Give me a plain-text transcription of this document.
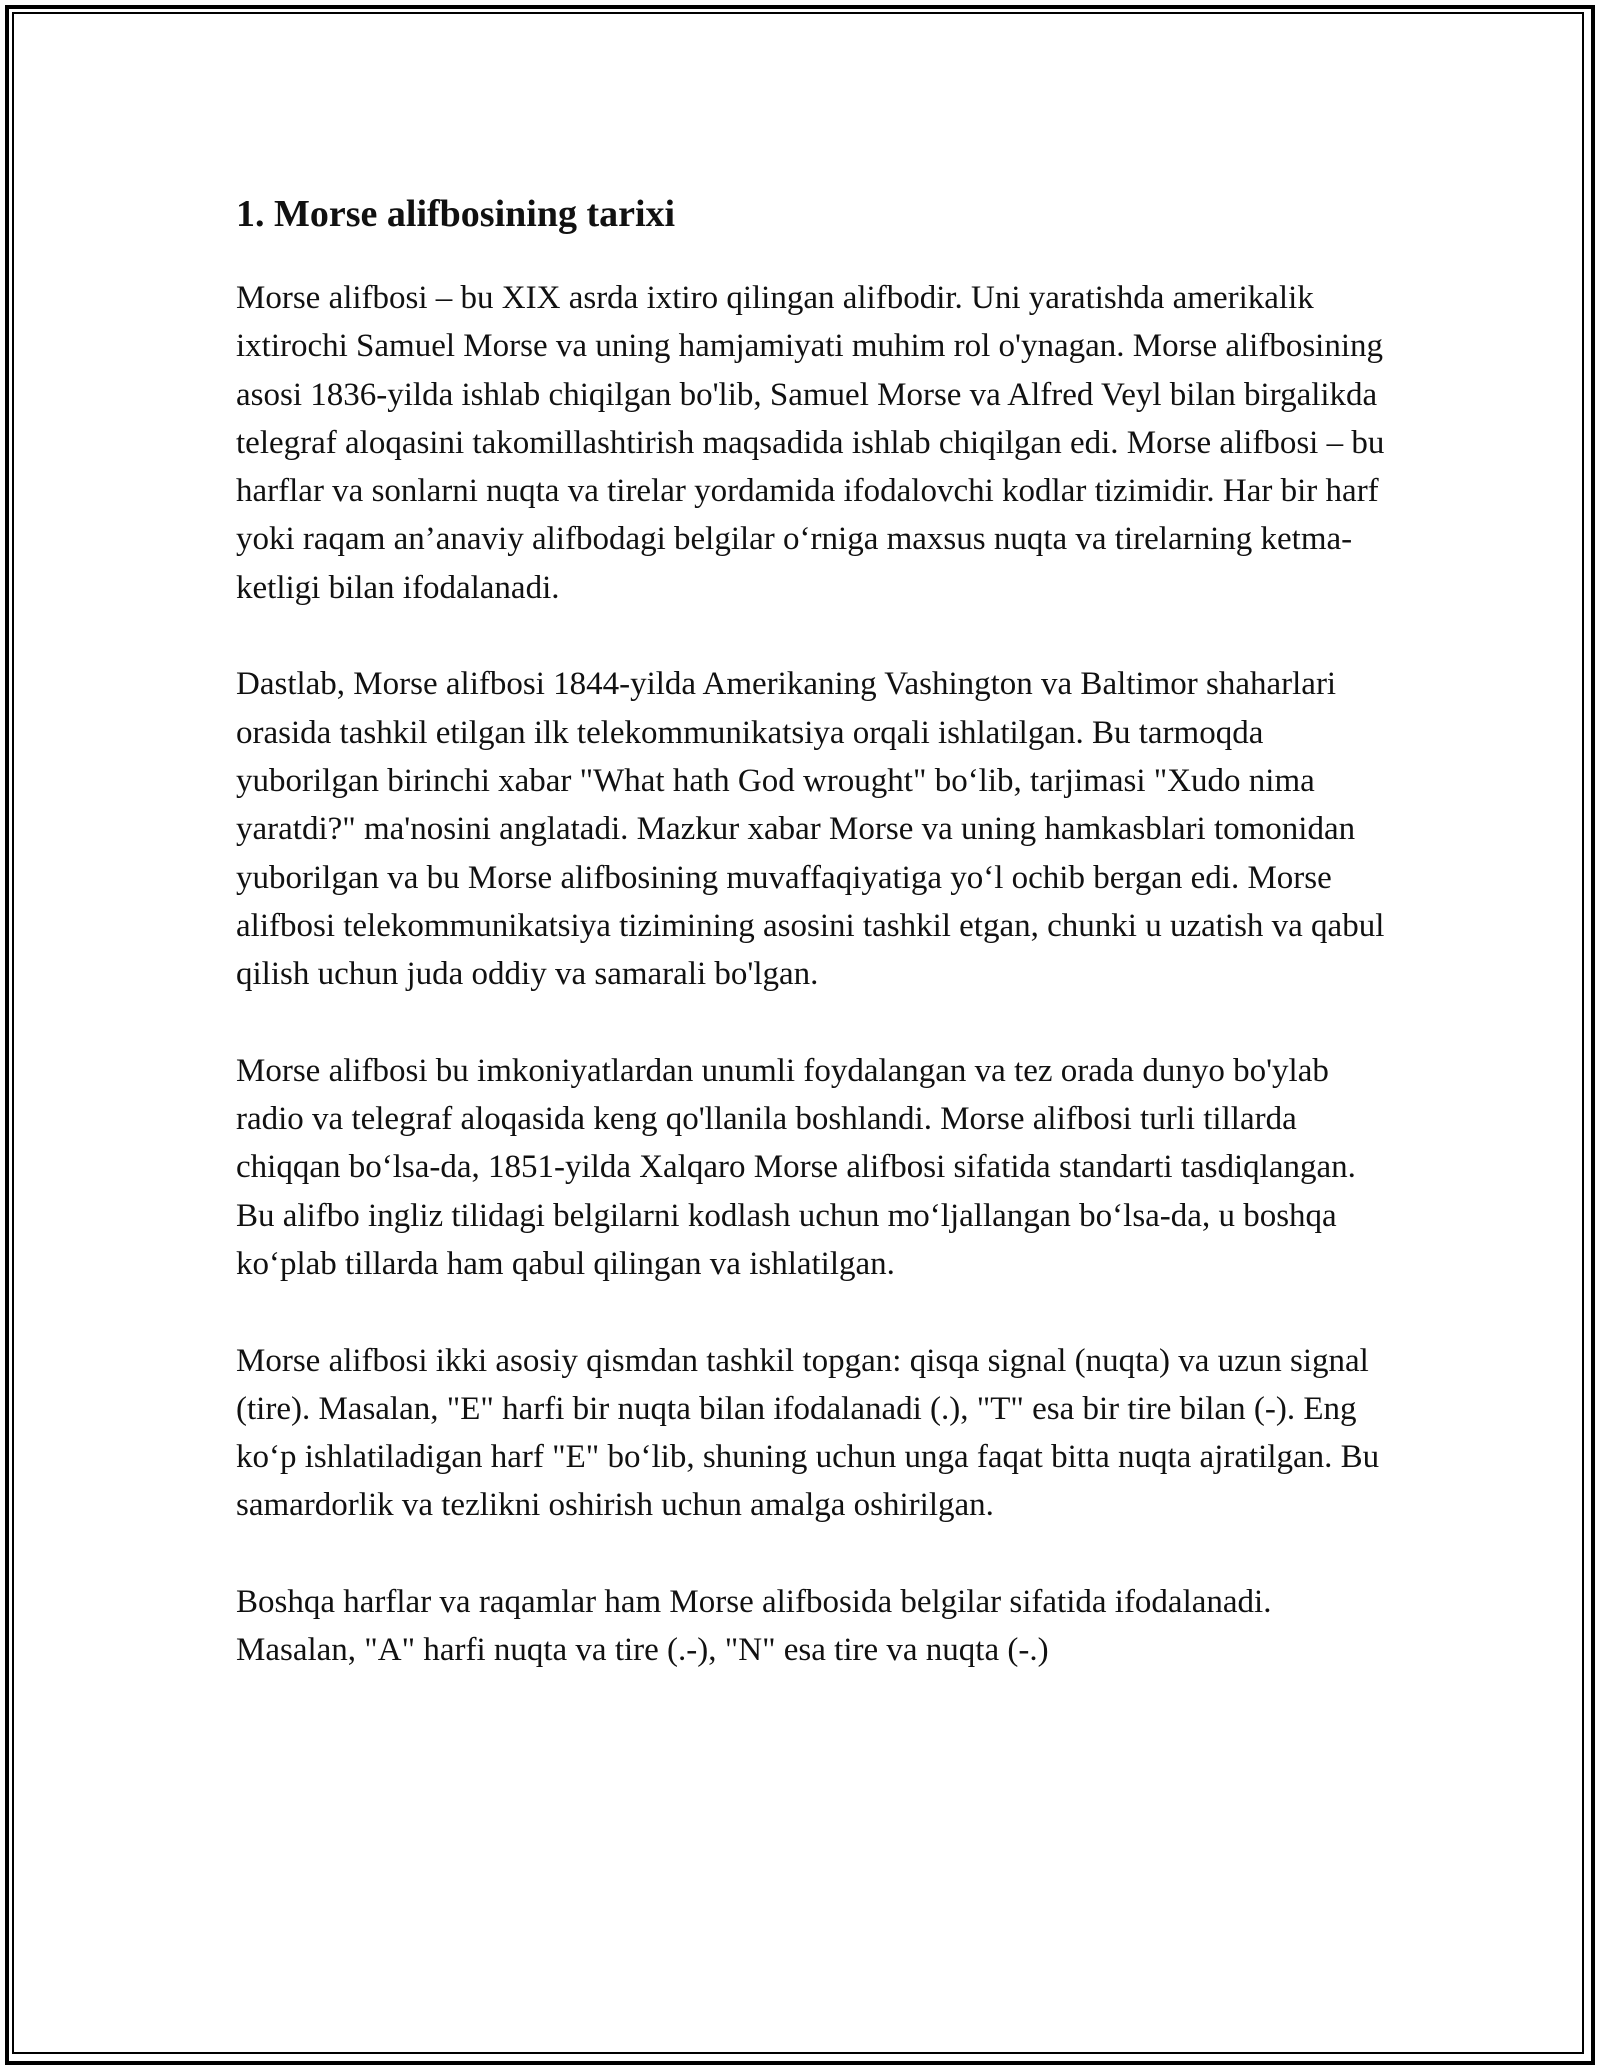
1. Morse alifbosining tarixi

Morse alifbosi – bu XIX asrda ixtiro qilingan alifbodir. Uni yaratishda amerikalik ixtirochi Samuel Morse va uning hamjamiyati muhim rol o'ynagan. Morse alifbosining asosi 1836-yilda ishlab chiqilgan bo'lib, Samuel Morse va Alfred Veyl bilan birgalikda telegraf aloqasini takomillashtirish maqsadida ishlab chiqilgan edi. Morse alifbosi – bu harflar va sonlarni nuqta va tirelar yordamida ifodalovchi kodlar tizimidir. Har bir harf yoki raqam an’anaviy alifbodagi belgilar o‘rniga maxsus nuqta va tirelarning ketma-ketligi bilan ifodalanadi.

Dastlab, Morse alifbosi 1844-yilda Amerikaning Vashington va Baltimor shaharlari orasida tashkil etilgan ilk telekommunikatsiya orqali ishlatilgan. Bu tarmoqda yuborilgan birinchi xabar "What hath God wrought" bo‘lib, tarjimasi "Xudo nima yaratdi?" ma'nosini anglatadi. Mazkur xabar Morse va uning hamkasblari tomonidan yuborilgan va bu Morse alifbosining muvaffaqiyatiga yo‘l ochib bergan edi. Morse alifbosi telekommunikatsiya tizimining asosini tashkil etgan, chunki u uzatish va qabul qilish uchun juda oddiy va samarali bo'lgan.

Morse alifbosi bu imkoniyatlardan unumli foydalangan va tez orada dunyo bo'ylab radio va telegraf aloqasida keng qo'llanila boshlandi. Morse alifbosi turli tillarda chiqqan bo‘lsa-da, 1851-yilda Xalqaro Morse alifbosi sifatida standarti tasdiqlangan. Bu alifbo ingliz tilidagi belgilarni kodlash uchun mo‘ljallangan bo‘lsa-da, u boshqa ko‘plab tillarda ham qabul qilingan va ishlatilgan.

Morse alifbosi ikki asosiy qismdan tashkil topgan: qisqa signal (nuqta) va uzun signal (tire). Masalan, "E" harfi bir nuqta bilan ifodalanadi (.), "T" esa bir tire bilan (-). Eng ko‘p ishlatiladigan harf "E" bo‘lib, shuning uchun unga faqat bitta nuqta ajratilgan. Bu samardorlik va tezlikni oshirish uchun amalga oshirilgan.

Boshqa harflar va raqamlar ham Morse alifbosida belgilar sifatida ifodalanadi. Masalan, "A" harfi nuqta va tire (.-), "N" esa tire va nuqta (-.)
